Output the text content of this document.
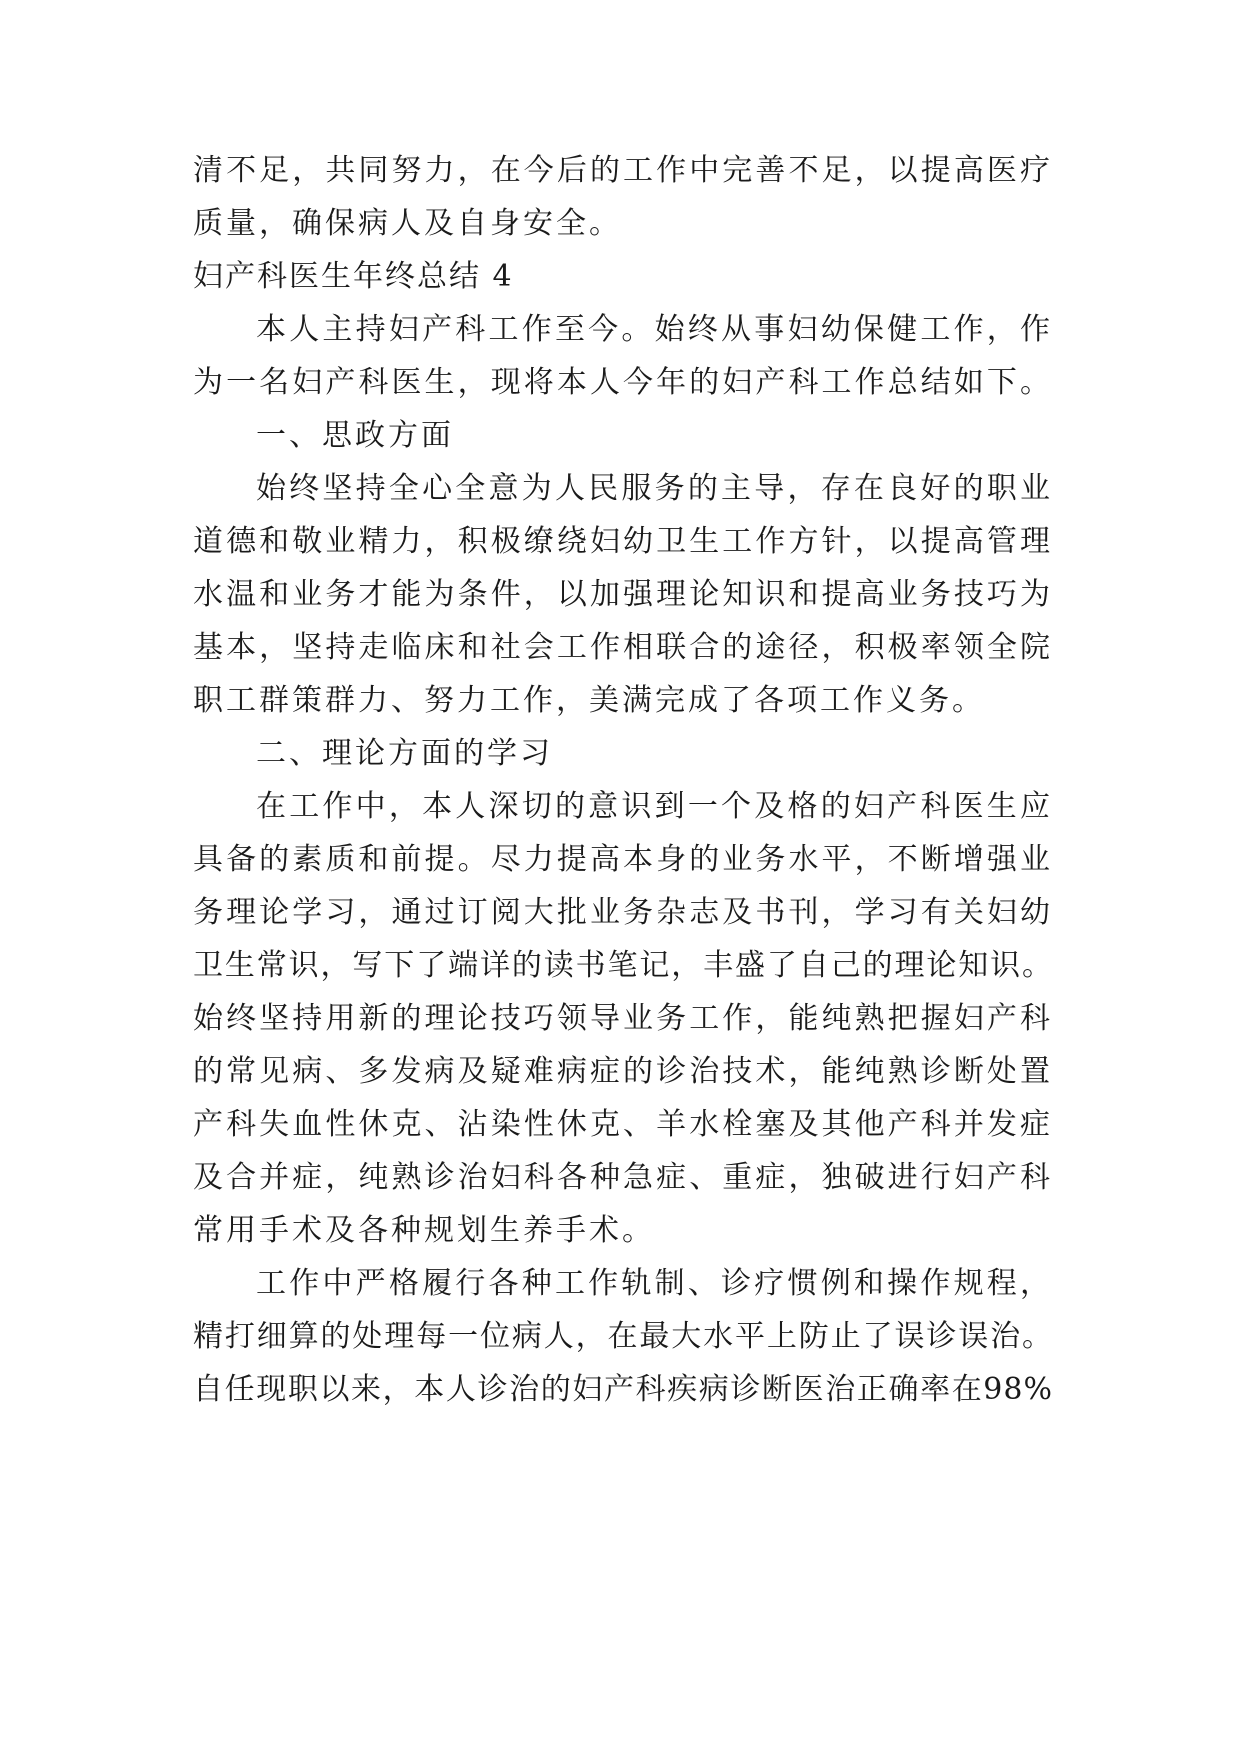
清不足，共同努力，在今后的工作中完善不足，以提高医疗
质量，确保病人及自身安全。
妇产科医生年终总结 4
本人主持妇产科工作至今。始终从事妇幼保健工作，作
为一名妇产科医生，现将本人今年的妇产科工作总结如下。
一、思政方面
始终坚持全心全意为人民服务的主导，存在良好的职业
道德和敬业精力，积极缭绕妇幼卫生工作方针，以提高管理
水温和业务才能为条件，以加强理论知识和提高业务技巧为
基本，坚持走临床和社会工作相联合的途径，积极率领全院
职工群策群力、努力工作，美满完成了各项工作义务。
二、理论方面的学习
在工作中，本人深切的意识到一个及格的妇产科医生应
具备的素质和前提。尽力提高本身的业务水平，不断增强业
务理论学习，通过订阅大批业务杂志及书刊，学习有关妇幼
卫生常识，写下了端详的读书笔记，丰盛了自己的理论知识。
始终坚持用新的理论技巧领导业务工作，能纯熟把握妇产科
的常见病、多发病及疑难病症的诊治技术，能纯熟诊断处置
产科失血性休克、沾染性休克、羊水栓塞及其他产科并发症
及合并症，纯熟诊治妇科各种急症、重症，独破进行妇产科
常用手术及各种规划生养手术。
工作中严格履行各种工作轨制、诊疗惯例和操作规程，
精打细算的处理每一位病人，在最大水平上防止了误诊误治。
自任现职以来，本人诊治的妇产科疾病诊断医治正确率在98%
